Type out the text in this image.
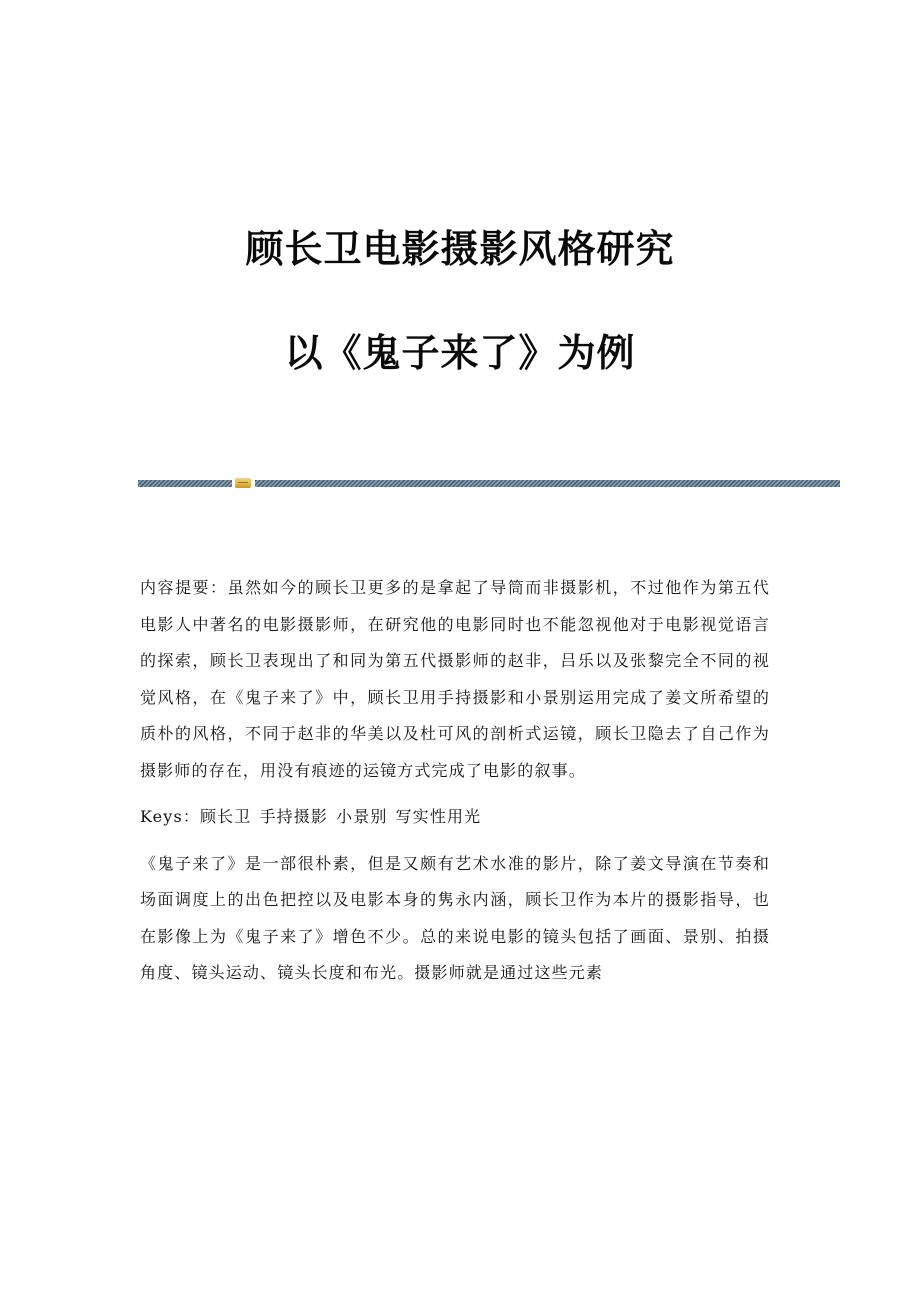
顾长卫电影摄影风格研究
以《鬼子来了》为例

内容提要：虽然如今的顾长卫更多的是拿起了导筒而非摄影机，不过他作为第五代电影人中著名的电影摄影师，在研究他的电影同时也不能忽视他对于电影视觉语言的探索，顾长卫表现出了和同为第五代摄影师的赵非，吕乐以及张黎完全不同的视觉风格，在《鬼子来了》中，顾长卫用手持摄影和小景别运用完成了姜文所希望的质朴的风格，不同于赵非的华美以及杜可风的剖析式运镜，顾长卫隐去了自己作为摄影师的存在，用没有痕迹的运镜方式完成了电影的叙事。

Keys：顾长卫 手持摄影 小景别 写实性用光

《鬼子来了》是一部很朴素，但是又颇有艺术水准的影片，除了姜文导演在节奏和场面调度上的出色把控以及电影本身的隽永内涵，顾长卫作为本片的摄影指导，也在影像上为《鬼子来了》增色不少。总的来说电影的镜头包括了画面、景别、拍摄角度、镜头运动、镜头长度和布光。摄影师就是通过这些元素
